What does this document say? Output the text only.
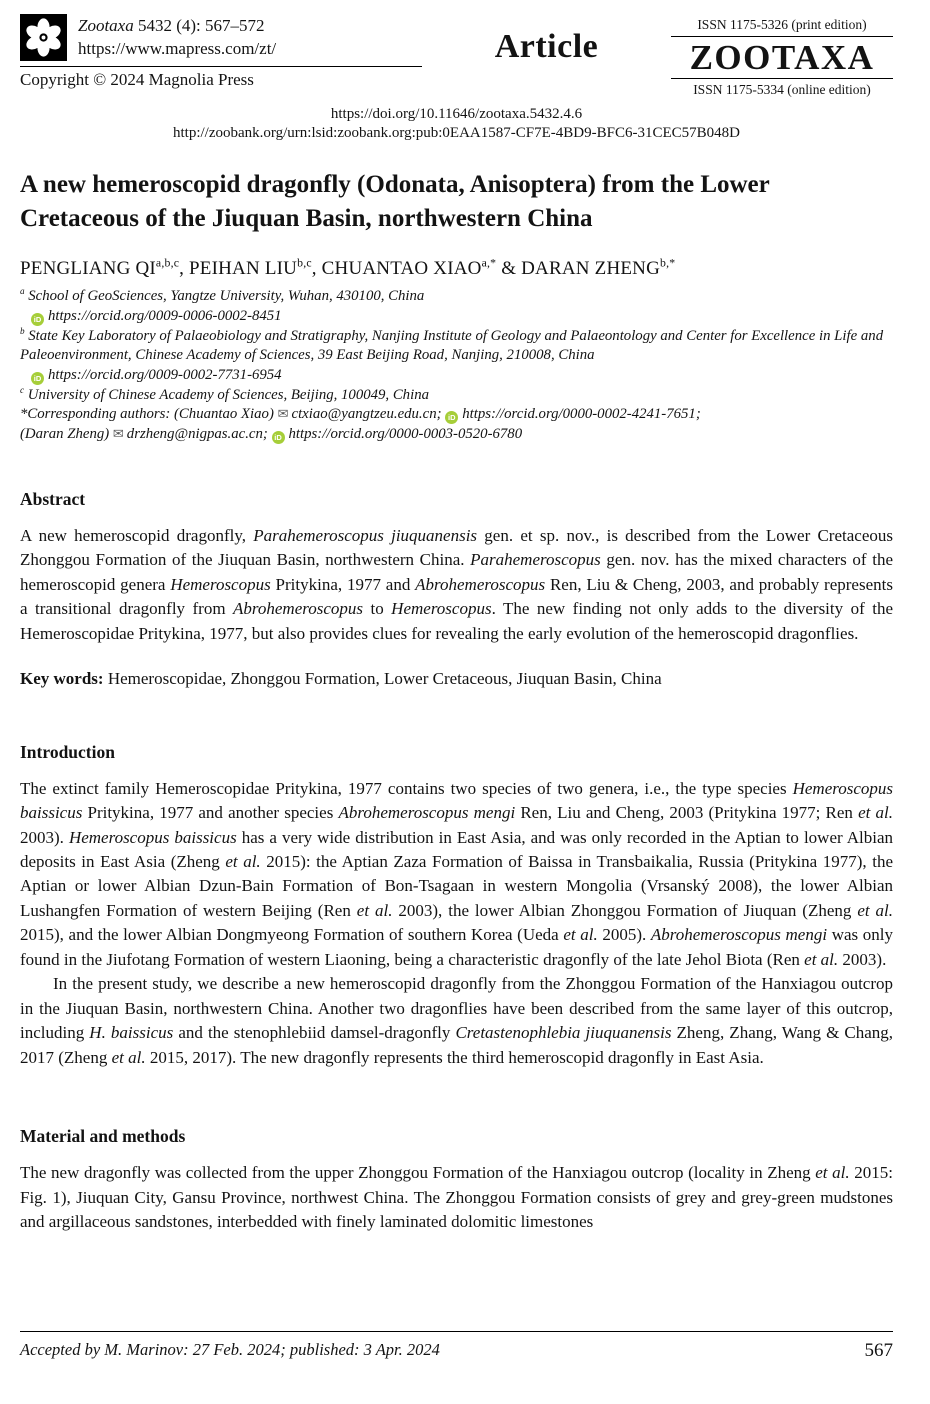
Zootaxa 5432 (4): 567–572
https://www.mapress.com/zt/
Copyright © 2024 Magnolia Press
Article
ISSN 1175-5326 (print edition)
ZOOTAXA
ISSN 1175-5334 (online edition)
https://doi.org/10.11646/zootaxa.5432.4.6
http://zoobank.org/urn:lsid:zoobank.org:pub:0EAA1587-CF7E-4BD9-BFC6-31CEC57B048D
A new hemeroscopid dragonfly (Odonata, Anisoptera) from the Lower Cretaceous of the Jiuquan Basin, northwestern China
PENGLIANG QI$^{a,b,c}$, PEIHAN LIU$^{b,c}$, CHUANTAO $XIAO^{a,*}$ & DARAN $ZHENG^{b,*}$
$^a$ School of GeoSciences, Yangtze University, Wuhan, 430100, China
iD https://orcid.org/0009-0006-0002-8451
$^b$ State Key Laboratory of Palaeobiology and Stratigraphy, Nanjing Institute of Geology and Palaeontology and Center for Excellence in Life and Paleoenvironment, Chinese Academy of Sciences, 39 East Beijing Road, Nanjing, 210008, China
iD https://orcid.org/0009-0002-7731-6954
$^c$ University of Chinese Academy of Sciences, Beijing, 100049, China
*Corresponding authors: (Chuantao Xiao) ✉ ctxiao@yangtzeu.edu.cn; iD https://orcid.org/0000-0002-4241-7651;
(Daran Zheng) ✉ drzheng@nigpas.ac.cn; iD https://orcid.org/0000-0003-0520-6780
Abstract

A new hemeroscopid dragonfly, Parahemeroscopus jiuquanensis gen. et sp. nov., is described from the Lower Cretaceous Zhonggou Formation of the Jiuquan Basin, northwestern China. Parahemeroscopus gen. nov. has the mixed characters of the hemeroscopid genera Hemeroscopus Pritykina, 1977 and Abrohemeroscopus Ren, Liu & Cheng, 2003, and probably represents a transitional dragonfly from Abrohemeroscopus to Hemeroscopus. The new finding not only adds to the diversity of the Hemeroscopidae Pritykina, 1977, but also provides clues for revealing the early evolution of the hemeroscopid dragonflies.

Key words: Hemeroscopidae, Zhonggou Formation, Lower Cretaceous, Jiuquan Basin, China

Introduction

The extinct family Hemeroscopidae Pritykina, 1977 contains two species of two genera, i.e., the type species Hemeroscopus baissicus Pritykina, 1977 and another species Abrohemeroscopus mengi Ren, Liu and Cheng, 2003 (Pritykina 1977; Ren et al. 2003). Hemeroscopus baissicus has a very wide distribution in East Asia, and was only recorded in the Aptian to lower Albian deposits in East Asia (Zheng et al. 2015): the Aptian Zaza Formation of Baissa in Transbaikalia, Russia (Pritykina 1977), the Aptian or lower Albian Dzun-Bain Formation of Bon-Tsagaan in western Mongolia (Vrsanský 2008), the lower Albian Lushangfen Formation of western Beijing (Ren et al. 2003), the lower Albian Zhonggou Formation of Jiuquan (Zheng et al. 2015), and the lower Albian Dongmyeong Formation of southern Korea (Ueda et al. 2005). Abrohemeroscopus mengi was only found in the Jiufotang Formation of western Liaoning, being a characteristic dragonfly of the late Jehol Biota (Ren et al. 2003).

In the present study, we describe a new hemeroscopid dragonfly from the Zhonggou Formation of the Hanxiagou outcrop in the Jiuquan Basin, northwestern China. Another two dragonflies have been described from the same layer of this outcrop, including H. baissicus and the stenophlebiid damsel-dragonfly Cretastenophlebia jiuquanensis Zheng, Zhang, Wang & Chang, 2017 (Zheng et al. 2015, 2017). The new dragonfly represents the third hemeroscopid dragonfly in East Asia.

Material and methods

The new dragonfly was collected from the upper Zhonggou Formation of the Hanxiagou outcrop (locality in Zheng et al. 2015: Fig. 1), Jiuquan City, Gansu Province, northwest China. The Zhonggou Formation consists of grey and grey-green mudstones and argillaceous sandstones, interbedded with finely laminated dolomitic limestones

Accepted by M. Marinov: 27 Feb. 2024; published: 3 Apr. 2024	567
